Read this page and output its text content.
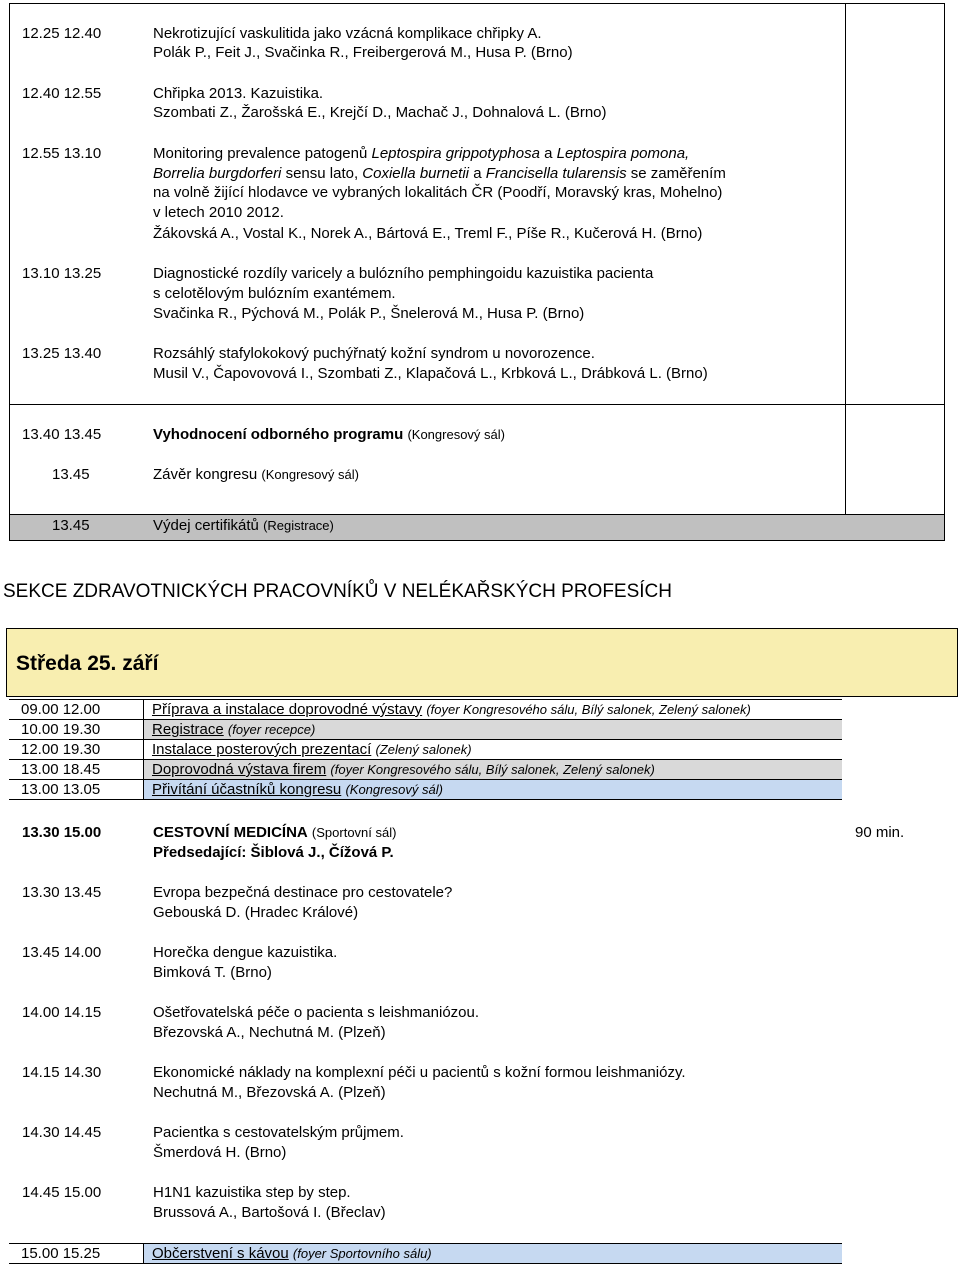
12.25 12.40	Nekrotizující vaskulitida jako vzácná komplikace chřipky A.
Polák P., Feit J., Svačinka R., Freibergerová M., Husa P. (Brno)
12.40 12.55	Chřipka 2013. Kazuistika.
Szombati Z., Žarošská E., Krejčí D., Machač J., Dohnalová L. (Brno)
12.55 13.10	Monitoring prevalence patogenů Leptospira grippotyphosa a Leptospira pomona,
Borrelia burgdorferi sensu lato, Coxiella burnetii a Francisella tularensis se zaměřením
na volně žijící hlodavce ve vybraných lokalitách ČR (Poodří, Moravský kras, Mohelno)
v letech 2010 2012.
Žákovská A., Vostal K., Norek A., Bártová E., Treml F., Píše R., Kučerová H. (Brno)
13.10 13.25	Diagnostické rozdíly varicely a bulózního pemphingoidu kazuistika pacienta
s celotělovým bulózním exantémem.
Svačinka R., Pýchová M., Polák P., Šnelerová M., Husa P. (Brno)
13.25 13.40	Rozsáhlý stafylokokový puchýřnatý kožní syndrom u novorozence.
Musil V., Čapovovová I., Szombati Z., Klapačová L., Krbková L., Drábková L. (Brno)
13.40 13.45	Vyhodnocení odborného programu (Kongresový sál)
13.45	Závěr kongresu (Kongresový sál)
13.45	Výdej certifikátů (Registrace)
SEKCE ZDRAVOTNICKÝCH PRACOVNÍKŮ V NELÉKAŘSKÝCH PROFESÍCH
Středa 25. září
09.00 12.00	Příprava a instalace doprovodné výstavy (foyer Kongresového sálu, Bílý salonek, Zelený salonek)
10.00 19.30	Registrace (foyer recepce)
12.00 19.30	Instalace posterových prezentací (Zelený salonek)
13.00 18.45	Doprovodná výstava firem (foyer Kongresového sálu, Bílý salonek, Zelený salonek)
13.00 13.05	Přivítání účastníků kongresu (Kongresový sál)
13.30 15.00	CESTOVNÍ MEDICÍNA (Sportovní sál)
Předsedající: Šiblová J., Čížová P.
90 min.
13.30 13.45	Evropa bezpečná destinace pro cestovatele?
Gebouská D. (Hradec Králové)
13.45 14.00	Horečka dengue kazuistika.
Bimková T. (Brno)
14.00 14.15	Ošetřovatelská péče o pacienta s leishmaniózou.
Březovská A., Nechutná M. (Plzeň)
14.15 14.30	Ekonomické náklady na komplexní péči u pacientů s kožní formou leishmaniózy.
Nechutná M., Březovská A. (Plzeň)
14.30 14.45	Pacientka s cestovatelským průjmem.
Šmerdová H. (Brno)
14.45 15.00	H1N1 kazuistika step by step.
Brussová A., Bartošová I. (Břeclav)
15.00 15.25	Občerstvení s kávou (foyer Sportovního sálu)
